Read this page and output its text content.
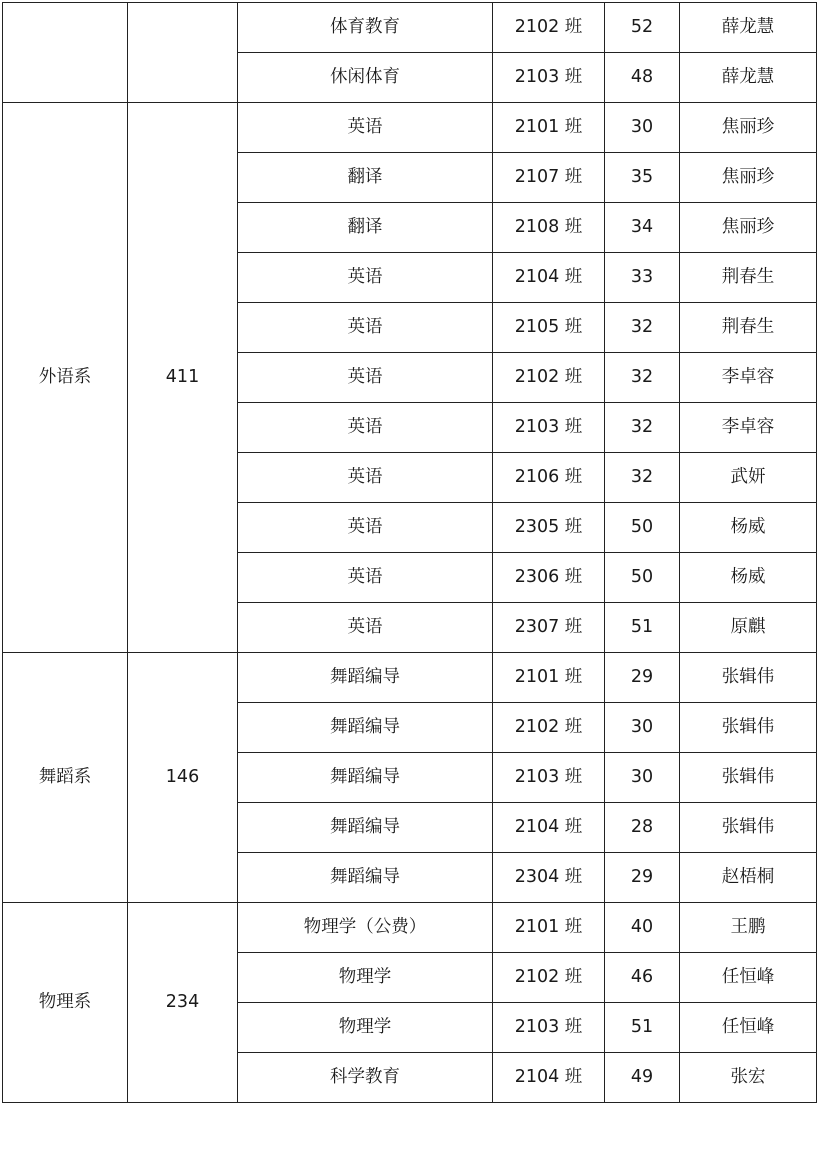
		体育教育	2102 班	52	薛龙慧
		休闲体育	2103 班	48	薛龙慧
外语系	411	英语	2101 班	30	焦丽珍
		翻译	2107 班	35	焦丽珍
		翻译	2108 班	34	焦丽珍
		英语	2104 班	33	荆春生
		英语	2105 班	32	荆春生
		英语	2102 班	32	李卓容
		英语	2103 班	32	李卓容
		英语	2106 班	32	武妍
		英语	2305 班	50	杨威
		英语	2306 班	50	杨威
		英语	2307 班	51	原麒
舞蹈系	146	舞蹈编导	2101 班	29	张辑伟
		舞蹈编导	2102 班	30	张辑伟
		舞蹈编导	2103 班	30	张辑伟
		舞蹈编导	2104 班	28	张辑伟
		舞蹈编导	2304 班	29	赵梧桐
物理系	234	物理学（公费）	2101 班	40	王鹏
		物理学	2102 班	46	任恒峰
		物理学	2103 班	51	任恒峰
		科学教育	2104 班	49	张宏
